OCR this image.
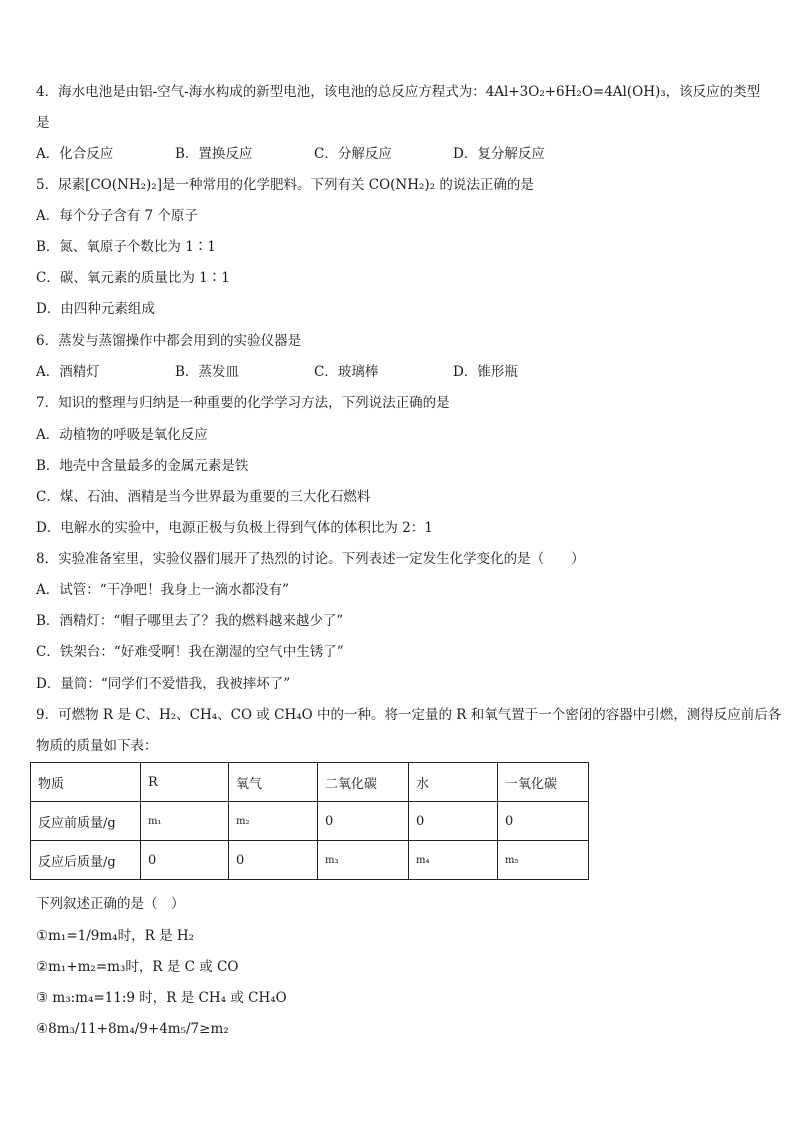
4．海水电池是由铝-空气-海水构成的新型电池，该电池的总反应方程式为：4Al+3O₂+6H₂O=4Al(OH)₃，该反应的类型
是
A．化合反应	B．置换反应	C．分解反应	D．复分解反应
5．尿素[CO(NH₂)₂]是一种常用的化学肥料。下列有关 CO(NH₂)₂ 的说法正确的是
A．每个分子含有 7 个原子
B．氮、氧原子个数比为 1∶1
C．碳、氧元素的质量比为 1∶1
D．由四种元素组成
6．蒸发与蒸馏操作中都会用到的实验仪器是
A．酒精灯	B．蒸发皿	C．玻璃棒	D．锥形瓶
7．知识的整理与归纳是一种重要的化学学习方法，下列说法正确的是
A．动植物的呼吸是氧化反应
B．地壳中含量最多的金属元素是铁
C．煤、石油、酒精是当今世界最为重要的三大化石燃料
D．电解水的实验中，电源正极与负极上得到气体的体积比为 2：1
8．实验准备室里，实验仪器们展开了热烈的讨论。下列表述一定发生化学变化的是（　　）
A．试管：“干净吧！我身上一滴水都没有”
B．酒精灯：“帽子哪里去了？我的燃料越来越少了”
C．铁架台：“好难受啊！我在潮湿的空气中生锈了”
D．量筒：“同学们不爱惜我，我被摔坏了”
9．可燃物 R 是 C、H₂、CH₄、CO 或 CH₄O 中的一种。将一定量的 R 和氧气置于一个密闭的容器中引燃，测得反应前后各
物质的质量如下表：
物质	R	氧气	二氧化碳	水	一氧化碳
反应前质量/g	m₁	m₂	0	0	0
反应后质量/g	0	0	m₃	m₄	m₅
下列叙述正确的是（　）
①m₁=1/9m₄时，R 是 H₂
②m₁+m₂=m₃时，R 是 C 或 CO
③ m₃:m₄=11:9 时，R 是 CH₄ 或 CH₄O
④8m₃/11+8m₄/9+4m₅/7≥m₂
